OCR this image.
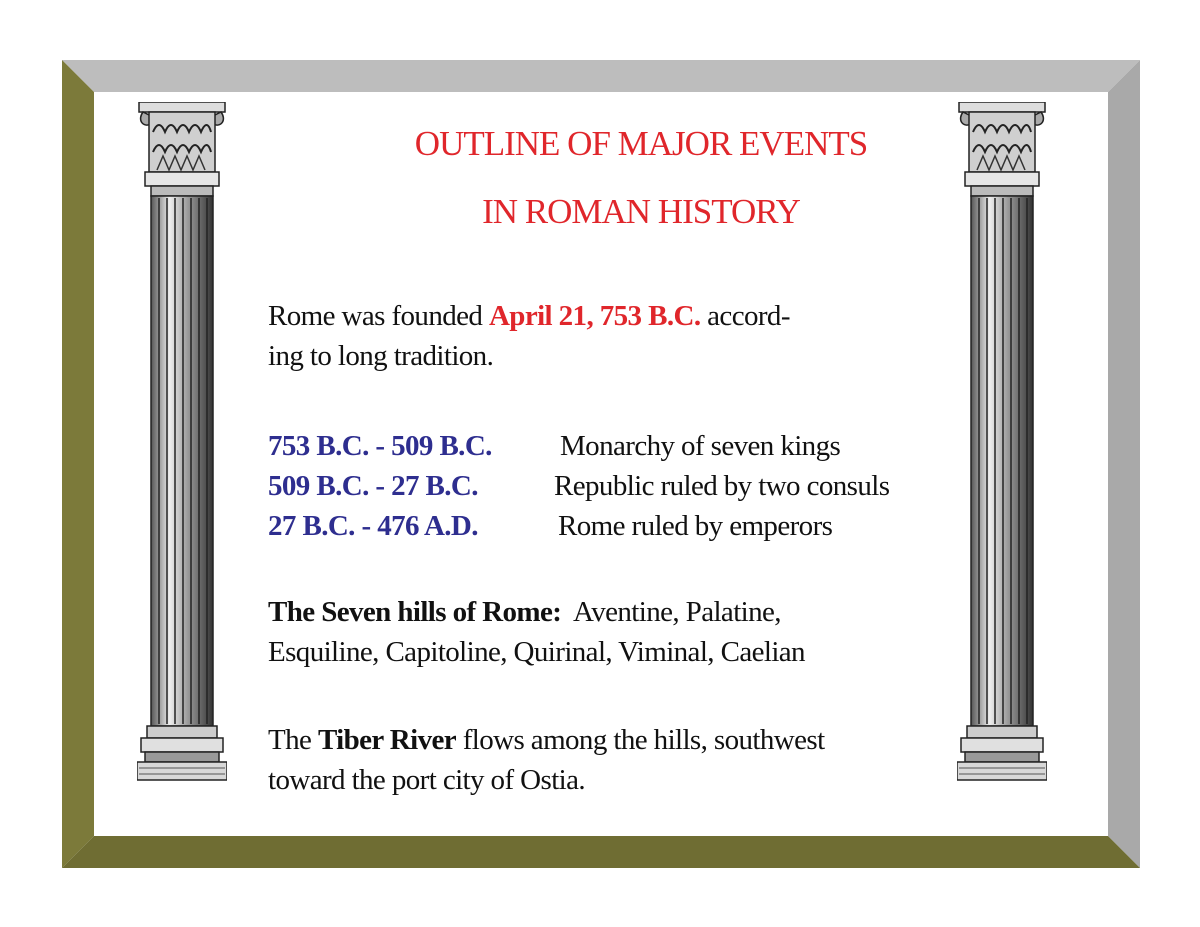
OUTLINE OF MAJOR EVENTS
IN ROMAN HISTORY

Rome was founded April 21, 753 B.C. accord-

ing to long tradition.

753 B.C. - 509 B.C. Monarchy of seven kings

509 B.C. - 27 B.C.	Republic ruled by two consuls

27 B.C. - 476 A.D.	Rome ruled by emperors

The Seven hills of Rome: Aventine, Palatine,

Esquiline, Capitoline, Quirinal, Viminal, Caelian

The Tiber River flows among the hills, southwest

toward the port city of Ostia.
